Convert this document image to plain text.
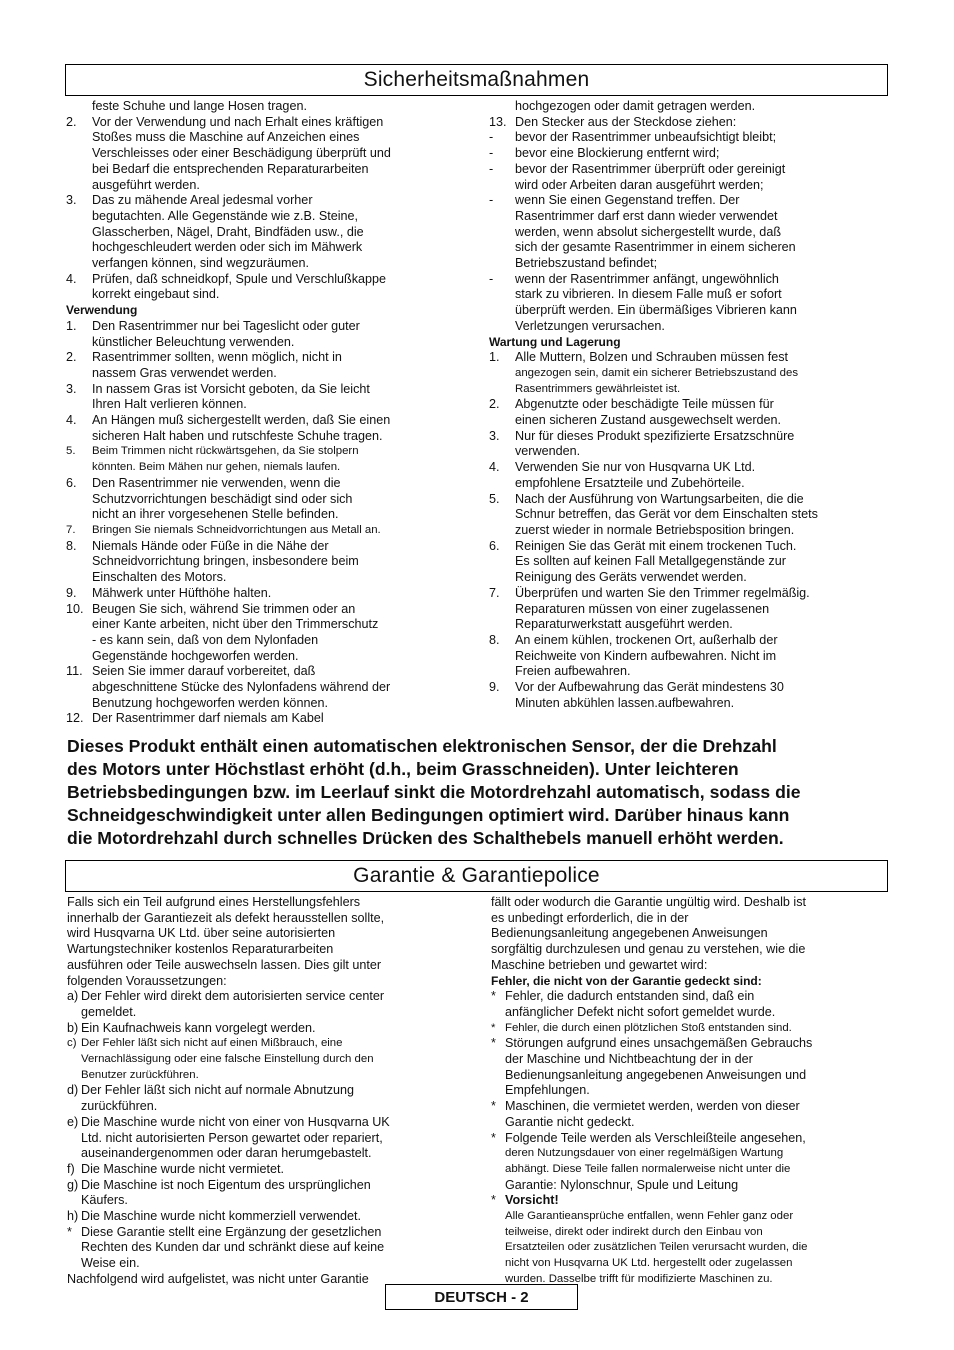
Sicherheitsmaßnahmen
feste Schuhe und lange Hosen tragen.
2.	Vor der Verwendung und nach Erhalt eines kräftigen
Stoßes muss die Maschine auf Anzeichen eines
Verschleisses oder einer Beschädigung überprüft und
bei Bedarf die entsprechenden Reparaturarbeiten
ausgeführt werden.
3.	Das zu mähende Areal jedesmal vorher
begutachten. Alle Gegenstände wie z.B. Steine,
Glasscherben, Nägel, Draht, Bindfäden usw., die
hochgeschleudert werden oder sich im Mähwerk
verfangen können, sind wegzuräumen.
4.	Prüfen, daß schneidkopf, Spule und Verschlußkappe
korrekt eingebaut sind.
Verwendung
1.	Den Rasentrimmer nur bei Tageslicht oder guter
künstlicher Beleuchtung verwenden.
2.	Rasentrimmer sollten, wenn möglich, nicht in
nassem Gras verwendet werden.
3.	In nassem Gras ist Vorsicht geboten, da Sie leicht
Ihren Halt verlieren können.
4.	An Hängen muß sichergestellt werden, daß Sie einen
sicheren Halt haben und rutschfeste Schuhe tragen.
5.	Beim Trimmen nicht rückwärtsgehen, da Sie stolpern
könnten. Beim Mähen nur gehen, niemals laufen.
6.	Den Rasentrimmer nie verwenden, wenn die
Schutzvorrichtungen beschädigt sind oder sich
nicht an ihrer vorgesehenen Stelle befinden.
7.	Bringen Sie niemals Schneidvorrichtungen aus Metall an.
8.	Niemals Hände oder Füße in die Nähe der
Schneidvorrichtung bringen, insbesondere beim
Einschalten des Motors.
9.	Mähwerk unter Hüfthöhe halten.
10. Beugen Sie sich, während Sie trimmen oder an
einer Kante arbeiten, nicht über den Trimmerschutz
- es kann sein, daß von dem Nylonfaden
Gegenstände hochgeworfen werden.
11. Seien Sie immer darauf vorbereitet, daß
abgeschnittene Stücke des Nylonfadens während der
Benutzung hochgeworfen werden können.
12. Der Rasentrimmer darf niemals am Kabel
hochgezogen oder damit getragen werden.
13. Den Stecker aus der Steckdose ziehen:
-	bevor der Rasentrimmer unbeaufsichtigt bleibt;
-	bevor eine Blockierung entfernt wird;
-	bevor der Rasentrimmer überprüft oder gereinigt
wird oder Arbeiten daran ausgeführt werden;
-	wenn Sie einen Gegenstand treffen. Der
Rasentrimmer darf erst dann wieder verwendet
werden, wenn absolut sichergestellt wurde, daß
sich der gesamte Rasentrimmer in einem sicheren
Betriebszustand befindet;
-	wenn der Rasentrimmer anfängt, ungewöhnlich
stark zu vibrieren. In diesem Falle muß er sofort
überprüft werden. Ein übermäßiges Vibrieren kann
Verletzungen verursachen.
Wartung und Lagerung
1.	Alle Muttern, Bolzen und Schrauben müssen fest
angezogen sein, damit ein sicherer Betriebszustand des
Rasentrimmers gewährleistet ist.
2.	Abgenutzte oder beschädigte Teile müssen für
einen sicheren Zustand ausgewechselt werden.
3.	Nur für dieses Produkt spezifizierte Ersatzschnüre
verwenden.
4.	Verwenden Sie nur von Husqvarna UK Ltd.
empfohlene Ersatzteile und Zubehörteile.
5.	Nach der Ausführung von Wartungsarbeiten, die die
Schnur betreffen, das Gerät vor dem Einschalten stets
zuerst wieder in normale Betriebsposition bringen.
6.	Reinigen Sie das Gerät mit einem trockenen Tuch.
Es sollten auf keinen Fall Metallgegenstände zur
Reinigung des Geräts verwendet werden.
7.	Überprüfen und warten Sie den Trimmer regelmäßig.
Reparaturen müssen von einer zugelassenen
Reparaturwerkstatt ausgeführt werden.
8.	An einem kühlen, trockenen Ort, außerhalb der
Reichweite von Kindern aufbewahren. Nicht im
Freien aufbewahren.
9.	Vor der Aufbewahrung das Gerät mindestens 30
Minuten abkühlen lassen.aufbewahren.
Dieses Produkt enthält einen automatischen elektronischen Sensor, der die Drehzahl
des Motors unter Höchstlast erhöht (d.h., beim Grasschneiden). Unter leichteren
Betriebsbedingungen bzw. im Leerlauf sinkt die Motordrehzahl automatisch, sodass die
Schneidgeschwindigkeit unter allen Bedingungen optimiert wird. Darüber hinaus kann
die Motordrehzahl durch schnelles Drücken des Schalthebels manuell erhöht werden.
Garantie & Garantiepolice
Falls sich ein Teil aufgrund eines Herstellungsfehlers
innerhalb der Garantiezeit als defekt herausstellen sollte,
wird Husqvarna UK Ltd. über seine autorisierten
Wartungstechniker kostenlos Reparaturarbeiten
ausführen oder Teile auswechseln lassen. Dies gilt unter
folgenden Voraussetzungen:
a) Der Fehler wird direkt dem autorisierten service center
gemeldet.
b) Ein Kaufnachweis kann vorgelegt werden.
c) Der Fehler läßt sich nicht auf einen Mißbrauch, eine
Vernachlässigung oder eine falsche Einstellung durch den
Benutzer zurückführen.
d) Der Fehler läßt sich nicht auf normale Abnutzung
zurückführen.
e) Die Maschine wurde nicht von einer von Husqvarna UK
Ltd. nicht autorisierten Person gewartet oder repariert,
auseinandergenommen oder daran herumgebastelt.
f) Die Maschine wurde nicht vermietet.
g) Die Maschine ist noch Eigentum des ursprünglichen
Käufers.
h) Die Maschine wurde nicht kommerziell verwendet.
* Diese Garantie stellt eine Ergänzung der gesetzlichen
Rechten des Kunden dar und schränkt diese auf keine
Weise ein.
Nachfolgend wird aufgelistet, was nicht unter Garantie
fällt oder wodurch die Garantie ungültig wird. Deshalb ist
es unbedingt erforderlich, die in der
Bedienungsanleitung angegebenen Anweisungen
sorgfältig durchzulesen und genau zu verstehen, wie die
Maschine betrieben und gewartet wird:
Fehler, die nicht von der Garantie gedeckt sind:
* Fehler, die dadurch entstanden sind, daß ein
anfänglicher Defekt nicht sofort gemeldet wurde.
* Fehler, die durch einen plötzlichen Stoß entstanden sind.
* Störungen aufgrund eines unsachgemäßen Gebrauchs
der Maschine und Nichtbeachtung der in der
Bedienungsanleitung angegebenen Anweisungen und
Empfehlungen.
* Maschinen, die vermietet werden, werden von dieser
Garantie nicht gedeckt.
* Folgende Teile werden als Verschleißteile angesehen,
deren Nutzungsdauer von einer regelmäßigen Wartung
abhängt. Diese Teile fallen normalerweise nicht unter die
Garantie: Nylonschnur, Spule und Leitung
* Vorsicht!
Alle Garantieansprüche entfallen, wenn Fehler ganz oder
teilweise, direkt oder indirekt durch den Einbau von
Ersatzteilen oder zusätzlichen Teilen verursacht wurden, die
nicht von Husqvarna UK Ltd. hergestellt oder zugelassen
wurden. Dasselbe trifft für modifizierte Maschinen zu.
DEUTSCH - 2
